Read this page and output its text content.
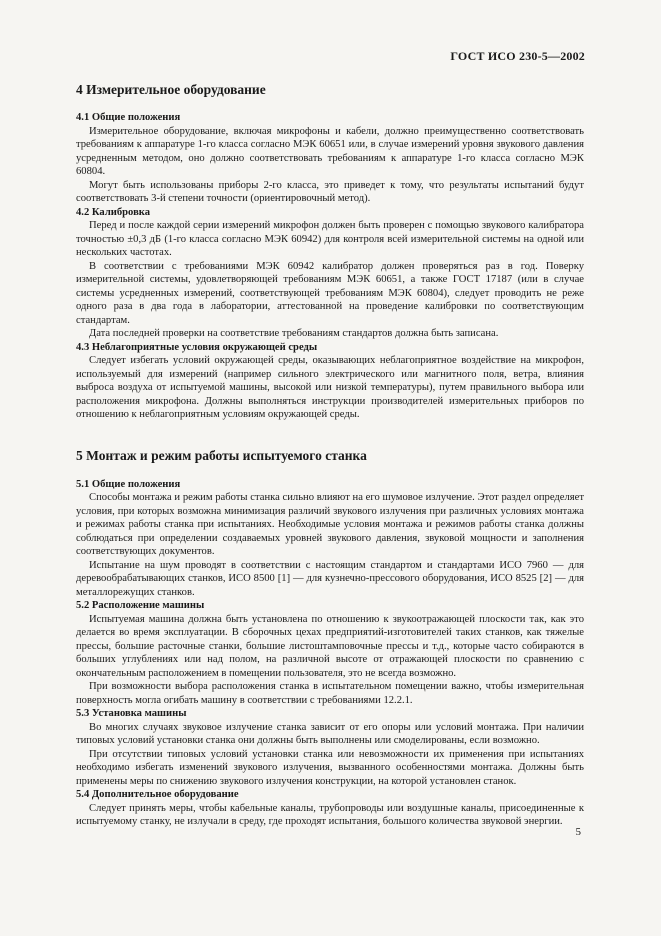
ГОСТ ИСО 230-5—2002
4 Измерительное оборудование
4.1 Общие положения

Измерительное оборудование, включая микрофоны и кабели, должно преимущественно соответствовать требованиям к аппаратуре 1-го класса согласно МЭК 60651 или, в случае измерений уровня звукового давления усредненным методом, оно должно соответствовать требованиям к аппаратуре 1-го класса согласно МЭК 60804.

Могут быть использованы приборы 2-го класса, это приведет к тому, что результаты испытаний будут соответствовать 3-й степени точности (ориентировочный метод).

4.2 Калибровка

Перед и после каждой серии измерений микрофон должен быть проверен с помощью звукового калибратора точностью ±0,3 дБ (1-го класса согласно МЭК 60942) для контроля всей измерительной системы на одной или нескольких частотах.

В соответствии с требованиями МЭК 60942 калибратор должен проверяться раз в год. Поверку измерительной системы, удовлетворяющей требованиям МЭК 60651, а также ГОСТ 17187 (или в случае системы усредненных измерений, соответствующей требованиям МЭК 60804), следует проводить не реже одного раза в два года в лаборатории, аттестованной на проведение калибровки по соответствующим стандартам.

Дата последней проверки на соответствие требованиям стандартов должна быть записана.

4.3 Неблагоприятные условия окружающей среды

Следует избегать условий окружающей среды, оказывающих неблагоприятное воздействие на микрофон, используемый для измерений (например сильного электрического или магнитного поля, ветра, влияния выброса воздуха от испытуемой машины, высокой или низкой температуры), путем правильного выбора или расположения микрофона. Должны выполняться инструкции производителей измерительных приборов по отношению к неблагоприятным условиям окружающей среды.

5 Монтаж и режим работы испытуемого станка
5.1 Общие положения

Способы монтажа и режим работы станка сильно влияют на его шумовое излучение. Этот раздел определяет условия, при которых возможна минимизация различий звукового излучения при различных условиях монтажа и режимах работы станка при испытаниях. Необходимые условия монтажа и режимов работы станка должны соблюдаться при определении создаваемых уровней звукового давления, звуковой мощности и заполнения соответствующих документов.

Испытание на шум проводят в соответствии с настоящим стандартом и стандартами ИСО 7960 — для деревообрабатывающих станков, ИСО 8500 [1] — для кузнечно-прессового оборудования, ИСО 8525 [2] — для металлорежущих станков.

5.2 Расположение машины

Испытуемая машина должна быть установлена по отношению к звукоотражающей плоскости так, как это делается во время эксплуатации. В сборочных цехах предприятий-изготовителей таких станков, как тяжелые прессы, большие расточные станки, большие листоштамповочные прессы и т.д., которые часто собираются в больших углублениях или над полом, на различной высоте от отражающей плоскости по сравнению с окончательным расположением в помещении пользователя, это не всегда возможно.

При возможности выбора расположения станка в испытательном помещении важно, чтобы измерительная поверхность могла огибать машину в соответствии с требованиями 12.2.1.

5.3 Установка машины

Во многих случаях звуковое излучение станка зависит от его опоры или условий монтажа. При наличии типовых условий установки станка они должны быть выполнены или смоделированы, если возможно.

При отсутствии типовых условий установки станка или невозможности их применения при испытаниях необходимо избегать изменений звукового излучения, вызванного особенностями монтажа. Должны быть применены меры по снижению звукового излучения конструкции, на которой установлен станок.

5.4 Дополнительное оборудование

Следует принять меры, чтобы кабельные каналы, трубопроводы или воздушные каналы, присоединенные к испытуемому станку, не излучали в среду, где проходят испытания, большого количества звуковой энергии.

5
